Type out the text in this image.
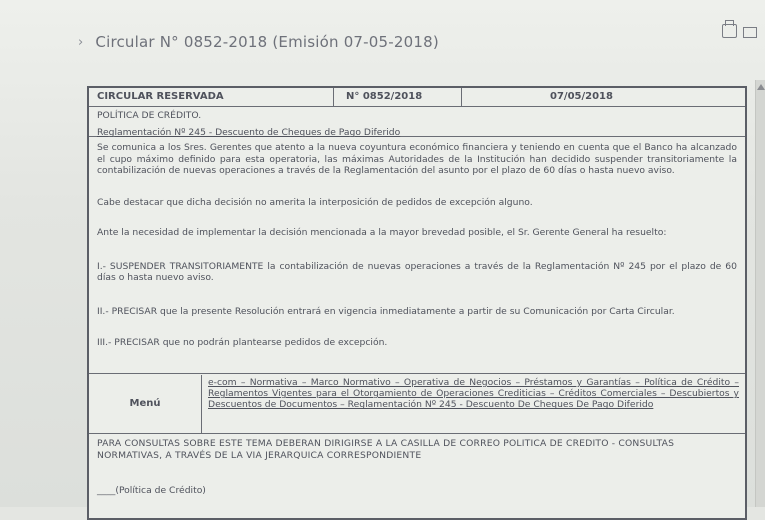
› Circular N° 0852-2018 (Emisión 07-05-2018)
CIRCULAR RESERVADA	N° 0852/2018	07/05/2018
POLÍTICA DE CRÉDITO.
Reglamentación Nº 245 - Descuento de Cheques de Pago Diferido

Se comunica a los Sres. Gerentes que atento a la nueva coyuntura económico financiera y teniendo en cuenta que el Banco ha alcanzado el cupo máximo definido para esta operatoria, las máximas Autoridades de la Institución han decidido suspender transitoriamente la contabilización de nuevas operaciones a través de la Reglamentación del asunto por el plazo de 60 días o hasta nuevo aviso.

Cabe destacar que dicha decisión no amerita la interposición de pedidos de excepción alguno.

Ante la necesidad de implementar la decisión mencionada a la mayor brevedad posible, el Sr. Gerente General ha resuelto:

I.- SUSPENDER TRANSITORIAMENTE la contabilización de nuevas operaciones a través de la Reglamentación Nº 245 por el plazo de 60 días o hasta nuevo aviso.

II.- PRECISAR que la presente Resolución entrará en vigencia inmediatamente a partir de su Comunicación por Carta Circular.

III.- PRECISAR que no podrán plantearse pedidos de excepción.

Menú
e-com – Normativa – Marco Normativo – Operativa de Negocios – Préstamos y Garantías – Política de Crédito – Reglamentos Vigentes para el Otorgamiento de Operaciones Crediticias – Créditos Comerciales – Descubiertos y Descuentos de Documentos – Reglamentación Nº 245 - Descuento De Cheques De Pago Diferido
PARA CONSULTAS SOBRE ESTE TEMA DEBERAN DIRIGIRSE A LA CASILLA DE CORREO POLITICA DE CREDITO - CONSULTAS NORMATIVAS, A TRAVÉS DE LA VIA JERARQUICA CORRESPONDIENTE
____(Política de Crédito)
